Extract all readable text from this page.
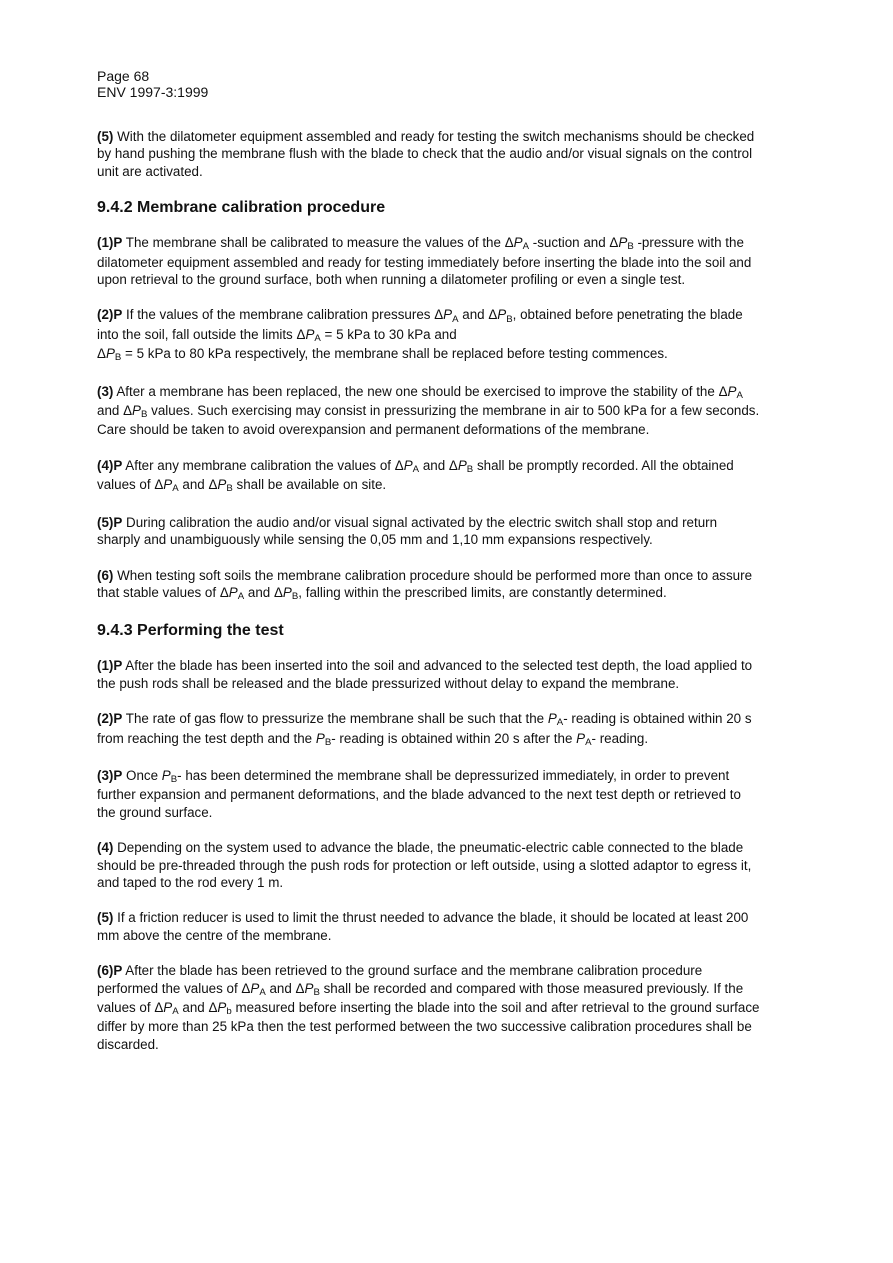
Page 68
ENV 1997-3:1999

(5) With the dilatometer equipment assembled and ready for testing the switch mechanisms should be checked by hand pushing the membrane flush with the blade to check that the audio and/or visual signals on the control unit are activated.

9.4.2 Membrane calibration procedure

(1)P The membrane shall be calibrated to measure the values of the ΔPA -suction and ΔPB -pressure with the dilatometer equipment assembled and ready for testing immediately before inserting the blade into the soil and upon retrieval to the ground surface, both when running a dilatometer profiling or even a single test.

(2)P If the values of the membrane calibration pressures ΔPA and ΔPB, obtained before penetrating the blade into the soil, fall outside the limits ΔPA = 5 kPa to 30 kPa and
ΔPB = 5 kPa to 80 kPa respectively, the membrane shall be replaced before testing commences.

(3) After a membrane has been replaced, the new one should be exercised to improve the stability of the ΔPA and ΔPB values. Such exercising may consist in pressurizing the membrane in air to 500 kPa for a few seconds. Care should be taken to avoid overexpansion and permanent deformations of the membrane.

(4)P After any membrane calibration the values of ΔPA and ΔPB shall be promptly recorded. All the obtained values of ΔPA and ΔPB shall be available on site.

(5)P During calibration the audio and/or visual signal activated by the electric switch shall stop and return sharply and unambiguously while sensing the 0,05 mm and 1,10 mm expansions respectively.

(6) When testing soft soils the membrane calibration procedure should be performed more than once to assure that stable values of ΔPA and ΔPB, falling within the prescribed limits, are constantly determined.

9.4.3 Performing the test

(1)P After the blade has been inserted into the soil and advanced to the selected test depth, the load applied to the push rods shall be released and the blade pressurized without delay to expand the membrane.

(2)P The rate of gas flow to pressurize the membrane shall be such that the PA- reading is obtained within 20 s from reaching the test depth and the PB- reading is obtained within 20 s after the PA- reading.

(3)P Once PB- has been determined the membrane shall be depressurized immediately, in order to prevent further expansion and permanent deformations, and the blade advanced to the next test depth or retrieved to the ground surface.

(4) Depending on the system used to advance the blade, the pneumatic-electric cable connected to the blade should be pre-threaded through the push rods for protection or left outside, using a slotted adaptor to egress it, and taped to the rod every 1 m.

(5) If a friction reducer is used to limit the thrust needed to advance the blade, it should be located at least 200 mm above the centre of the membrane.

(6)P After the blade has been retrieved to the ground surface and the membrane calibration procedure performed the values of ΔPA and ΔPB shall be recorded and compared with those measured previously. If the values of ΔPA and ΔPb measured before inserting the blade into the soil and after retrieval to the ground surface differ by more than 25 kPa then the test performed between the two successive calibration procedures shall be discarded.
